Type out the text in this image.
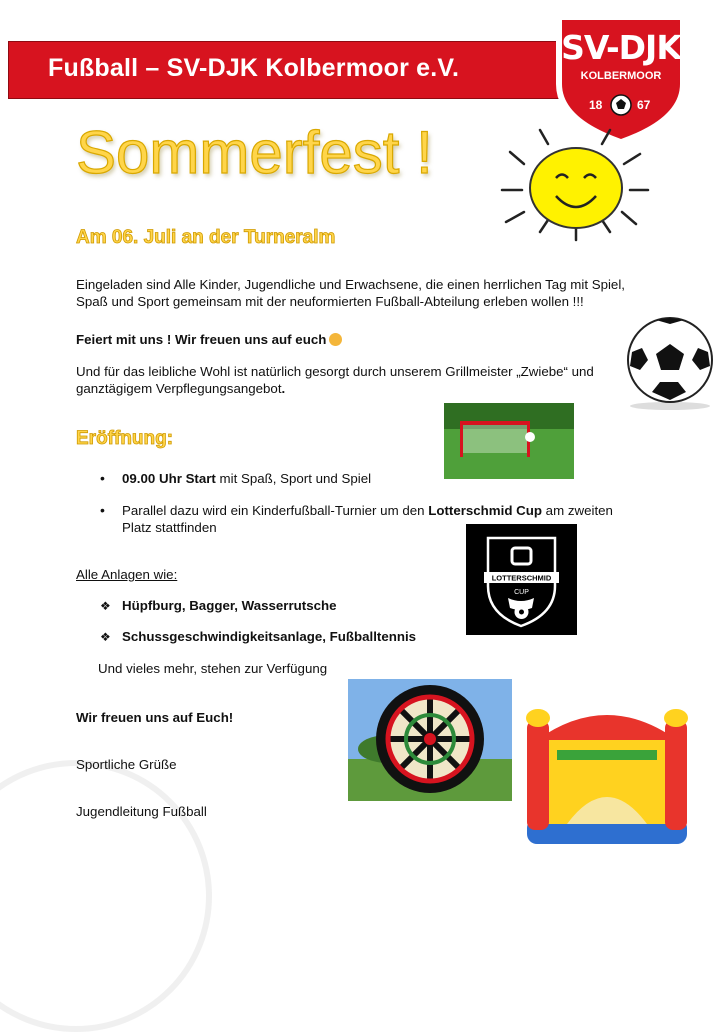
Fußball – SV-DJK Kolbermoor e.V.
SV-DJK
KOLBERMOOR
18	67
Sommerfest !
Am 06. Juli an der Turneralm
Eingeladen sind Alle Kinder, Jugendliche und Erwachsene, die einen herrlichen Tag mit Spiel, Spaß und Sport gemeinsam mit der neuformierten Fußball-Abteilung erleben wollen !!!
Feiert mit uns ! Wir freuen uns auf euch
Und für das leibliche Wohl ist natürlich gesorgt durch unserem Grillmeister „Zwiebe“ und ganztägigem Verpflegungsangebot.
Eröffnung:
• 09.00 Uhr Start mit Spaß, Sport und Spiel
• Parallel dazu wird ein Kinderfußball-Turnier um den Lotterschmid Cup am zweiten Platz stattfinden
LOTTERSCHMID
CUP
Alle Anlagen wie:
❖ Hüpfburg, Bagger, Wasserrutsche
❖ Schussgeschwindigkeitsanlage, Fußballtennis
Und vieles mehr, stehen zur Verfügung
Wir freuen uns auf Euch!
Sportliche Grüße
Jugendleitung Fußball
